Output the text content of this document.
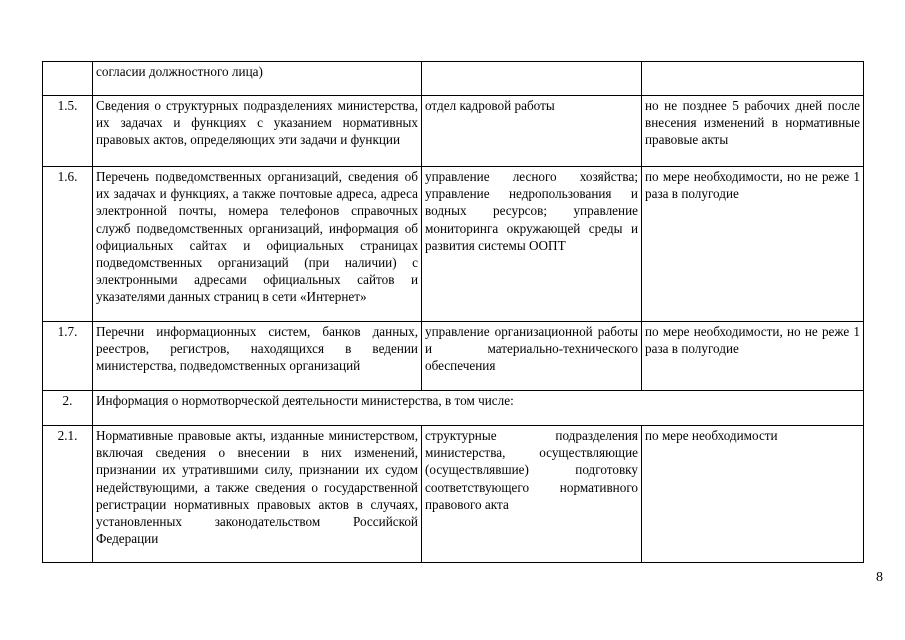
	согласии должностного лица)		
1.5.	Сведения о структурных подразделениях министерства, их задачах и функциях с указанием нормативных правовых актов, определяющих эти задачи и функции	отдел кадровой работы	но не позднее 5 рабочих дней после внесения изменений в нормативные правовые акты
1.6.	Перечень подведомственных организаций, сведения об их задачах и функциях, а также почтовые адреса, адреса электронной почты, номера телефонов справочных служб подведомственных организаций, информация об официальных сайтах и официальных страницах подведомственных организаций (при наличии) с электронными адресами официальных сайтов и указателями данных страниц в сети «Интернет»	управление лесного хозяйства; управление недропользования и водных ресурсов; управление мониторинга окружающей среды и развития системы ООПТ	по мере необходимости, но не реже 1 раза в полугодие
1.7.	Перечни информационных систем, банков данных, реестров, регистров, находящихся в ведении министерства, подведомственных организаций	управление организационной работы и материально-технического обеспечения	по мере необходимости, но не реже 1 раза в полугодие
2.	Информация о нормотворческой деятельности министерства, в том числе:		
2.1.	Нормативные правовые акты, изданные министерством, включая сведения о внесении в них изменений, признании их утратившими силу, признании их судом недействующими, а также сведения о государственной регистрации нормативных правовых актов в случаях, установленных законодательством Российской Федерации	структурные подразделения министерства, осуществляющие (осуществлявшие) подготовку соответствующего нормативного правового акта	по мере необходимости
8
